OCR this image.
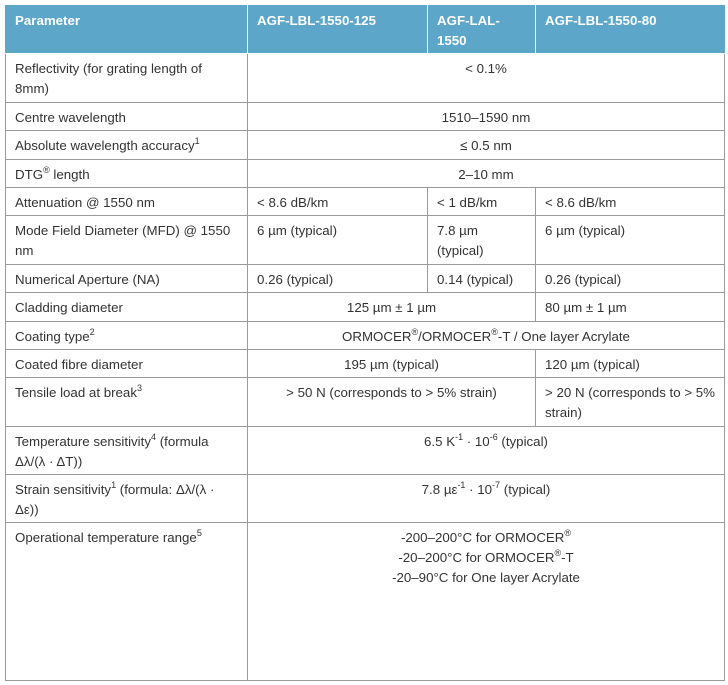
Parameter	AGF-LBL-1550-125	AGF-LAL-1550	AGF-LBL-1550-80
Reflectivity (for grating length of 8mm)	< 0.1%		
Centre wavelength	1510–1590 nm		
Absolute wavelength accuracy$^1$	≤ 0.5 nm		
DTG® length	2–10 mm		
Attenuation @ 1550 nm	< 8.6 dB/km	< 1 dB/km	< 8.6 dB/km
Mode Field Diameter (MFD) @ 1550 nm	6 µm (typical)	7.8 µm (typical)	6 µm (typical)
Numerical Aperture (NA)	0.26 (typical)	0.14 (typical)	0.26 (typical)
Cladding diameter	125 µm ± 1 µm		80 µm ± 1 µm
Coating type$^2$	ORMOCER®/ORMOCER®-T / One layer Acrylate		
Coated fibre diameter	195 µm (typical)		120 µm (typical)
Tensile load at break$^3$	> 50 N (corresponds to > 5% strain)		> 20 N (corresponds to > 5% strain)
Temperature sensitivity$^4$ (formula Δλ/(λ · ΔT))	6.5 $K^{-1} \cdot 10^{-6}$ (typical)		
Strain sensitivity$^1$ (formula: Δλ/(λ · Δε))	7.8 $\mu\varepsilon^{-1} \cdot 10^{-7}$ (typical)		
Operational temperature range$^5$	-200–200°C for ORMOCER®
-20–200°C for ORMOCER®-T
-20–90°C for One layer Acrylate		
